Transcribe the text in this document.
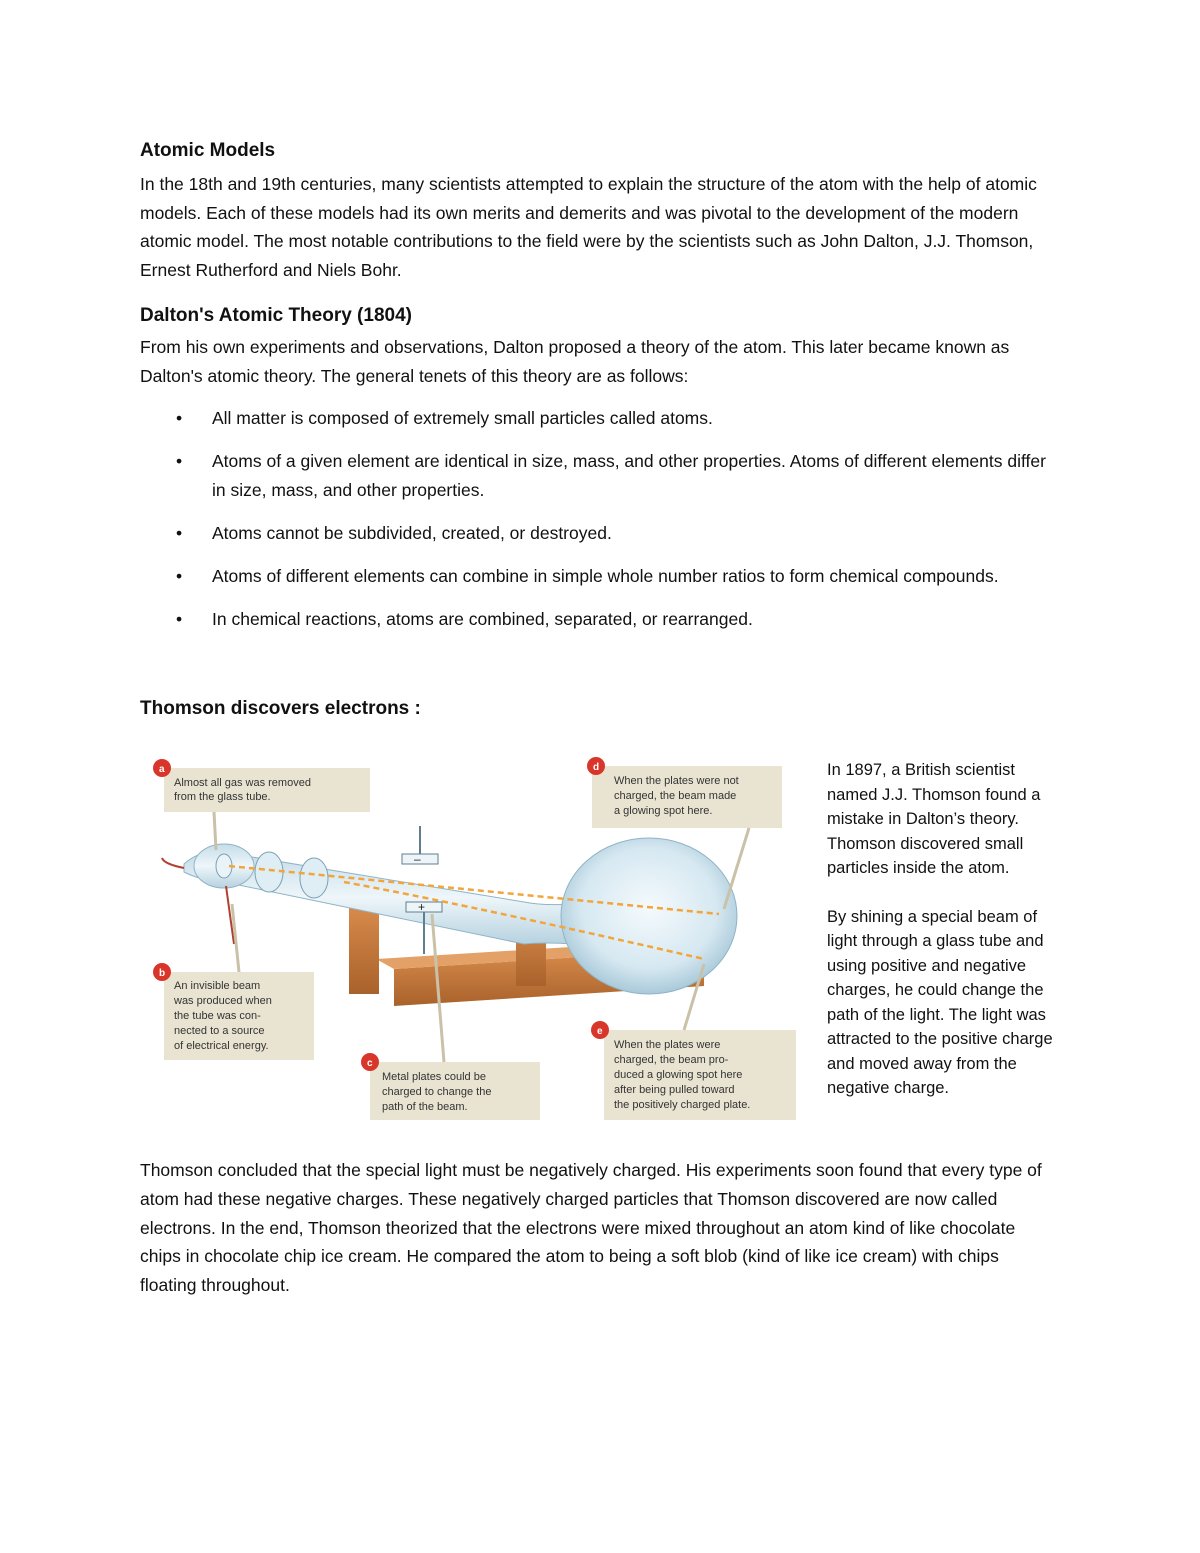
Atomic Models

In the 18th and 19th centuries, many scientists attempted to explain the structure of the atom with the help of atomic models. Each of these models had its own merits and demerits and was pivotal to the development of the modern atomic model. The most notable contributions to the field were by the scientists such as John Dalton, J.J. Thomson, Ernest Rutherford and Niels Bohr.

Dalton's Atomic Theory (1804)

From his own experiments and observations, Dalton proposed a theory of the atom. This later became known as Dalton's atomic theory. The general tenets of this theory are as follows:

• All matter is composed of extremely small particles called atoms.
• Atoms of a given element are identical in size, mass, and other properties. Atoms of different elements differ in size, mass, and other properties.
• Atoms cannot be subdivided, created, or destroyed.
• Atoms of different elements can combine in simple whole number ratios to form chemical compounds.
• In chemical reactions, atoms are combined, separated, or rearranged.
Thomson discovers electrons :
–
+
a
Almost all gas was removed
from the glass tube.
b
An invisible beam
was produced when
the tube was con-
nected to a source
of electrical energy.
c
Metal plates could be
charged to change the
path of the beam.
d
When the plates were not
charged, the beam made
a glowing spot here.
e
When the plates were
charged, the beam pro-
duced a glowing spot here
after being pulled toward
the positively charged plate.

In 1897, a British scientist named J.J. Thomson found a mistake in Dalton’s theory. Thomson discovered small particles inside the atom.

By shining a special beam of light through a glass tube and using positive and negative charges, he could change the path of the light. The light was attracted to the positive charge and moved away from the negative charge.

Thomson concluded that the special light must be negatively charged. His experiments soon found that every type of atom had these negative charges. These negatively charged particles that Thomson discovered are now called electrons. In the end, Thomson theorized that the electrons were mixed throughout an atom kind of like chocolate chips in chocolate chip ice cream. He compared the atom to being a soft blob (kind of like ice cream) with chips floating throughout.
